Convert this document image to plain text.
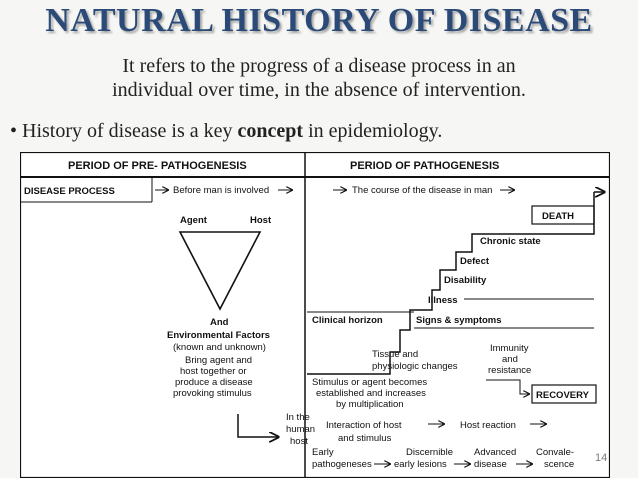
NATURAL HISTORY OF DISEASE
It refers to the progress of a disease process in an
individual over time, in the absence of intervention.
• History of disease is a key concept in epidemiology.
PERIOD OF PRE- PATHOGENESIS	PERIOD OF PATHOGENESIS
DISEASE PROCESS	Before man is involved	The course of the disease in man
Agent	Host
And
Environmental Factors
(known and unknown)
Bring agent and
host together or
produce a disease
provoking stimulus
In the
human
host
DEATH
Chronic state
Defect
Disability
Illness
Clinical horizon	Signs & symptoms
Tissue and
physiologic changes
Immunity
and
resistance
Stimulus or agent becomes
established and increases
by multiplication
RECOVERY
Interaction of host
and stimulus
Host reaction
Early
pathogeneses
Discernible
early lesions
Advanced
disease
Convale-
scence
14
